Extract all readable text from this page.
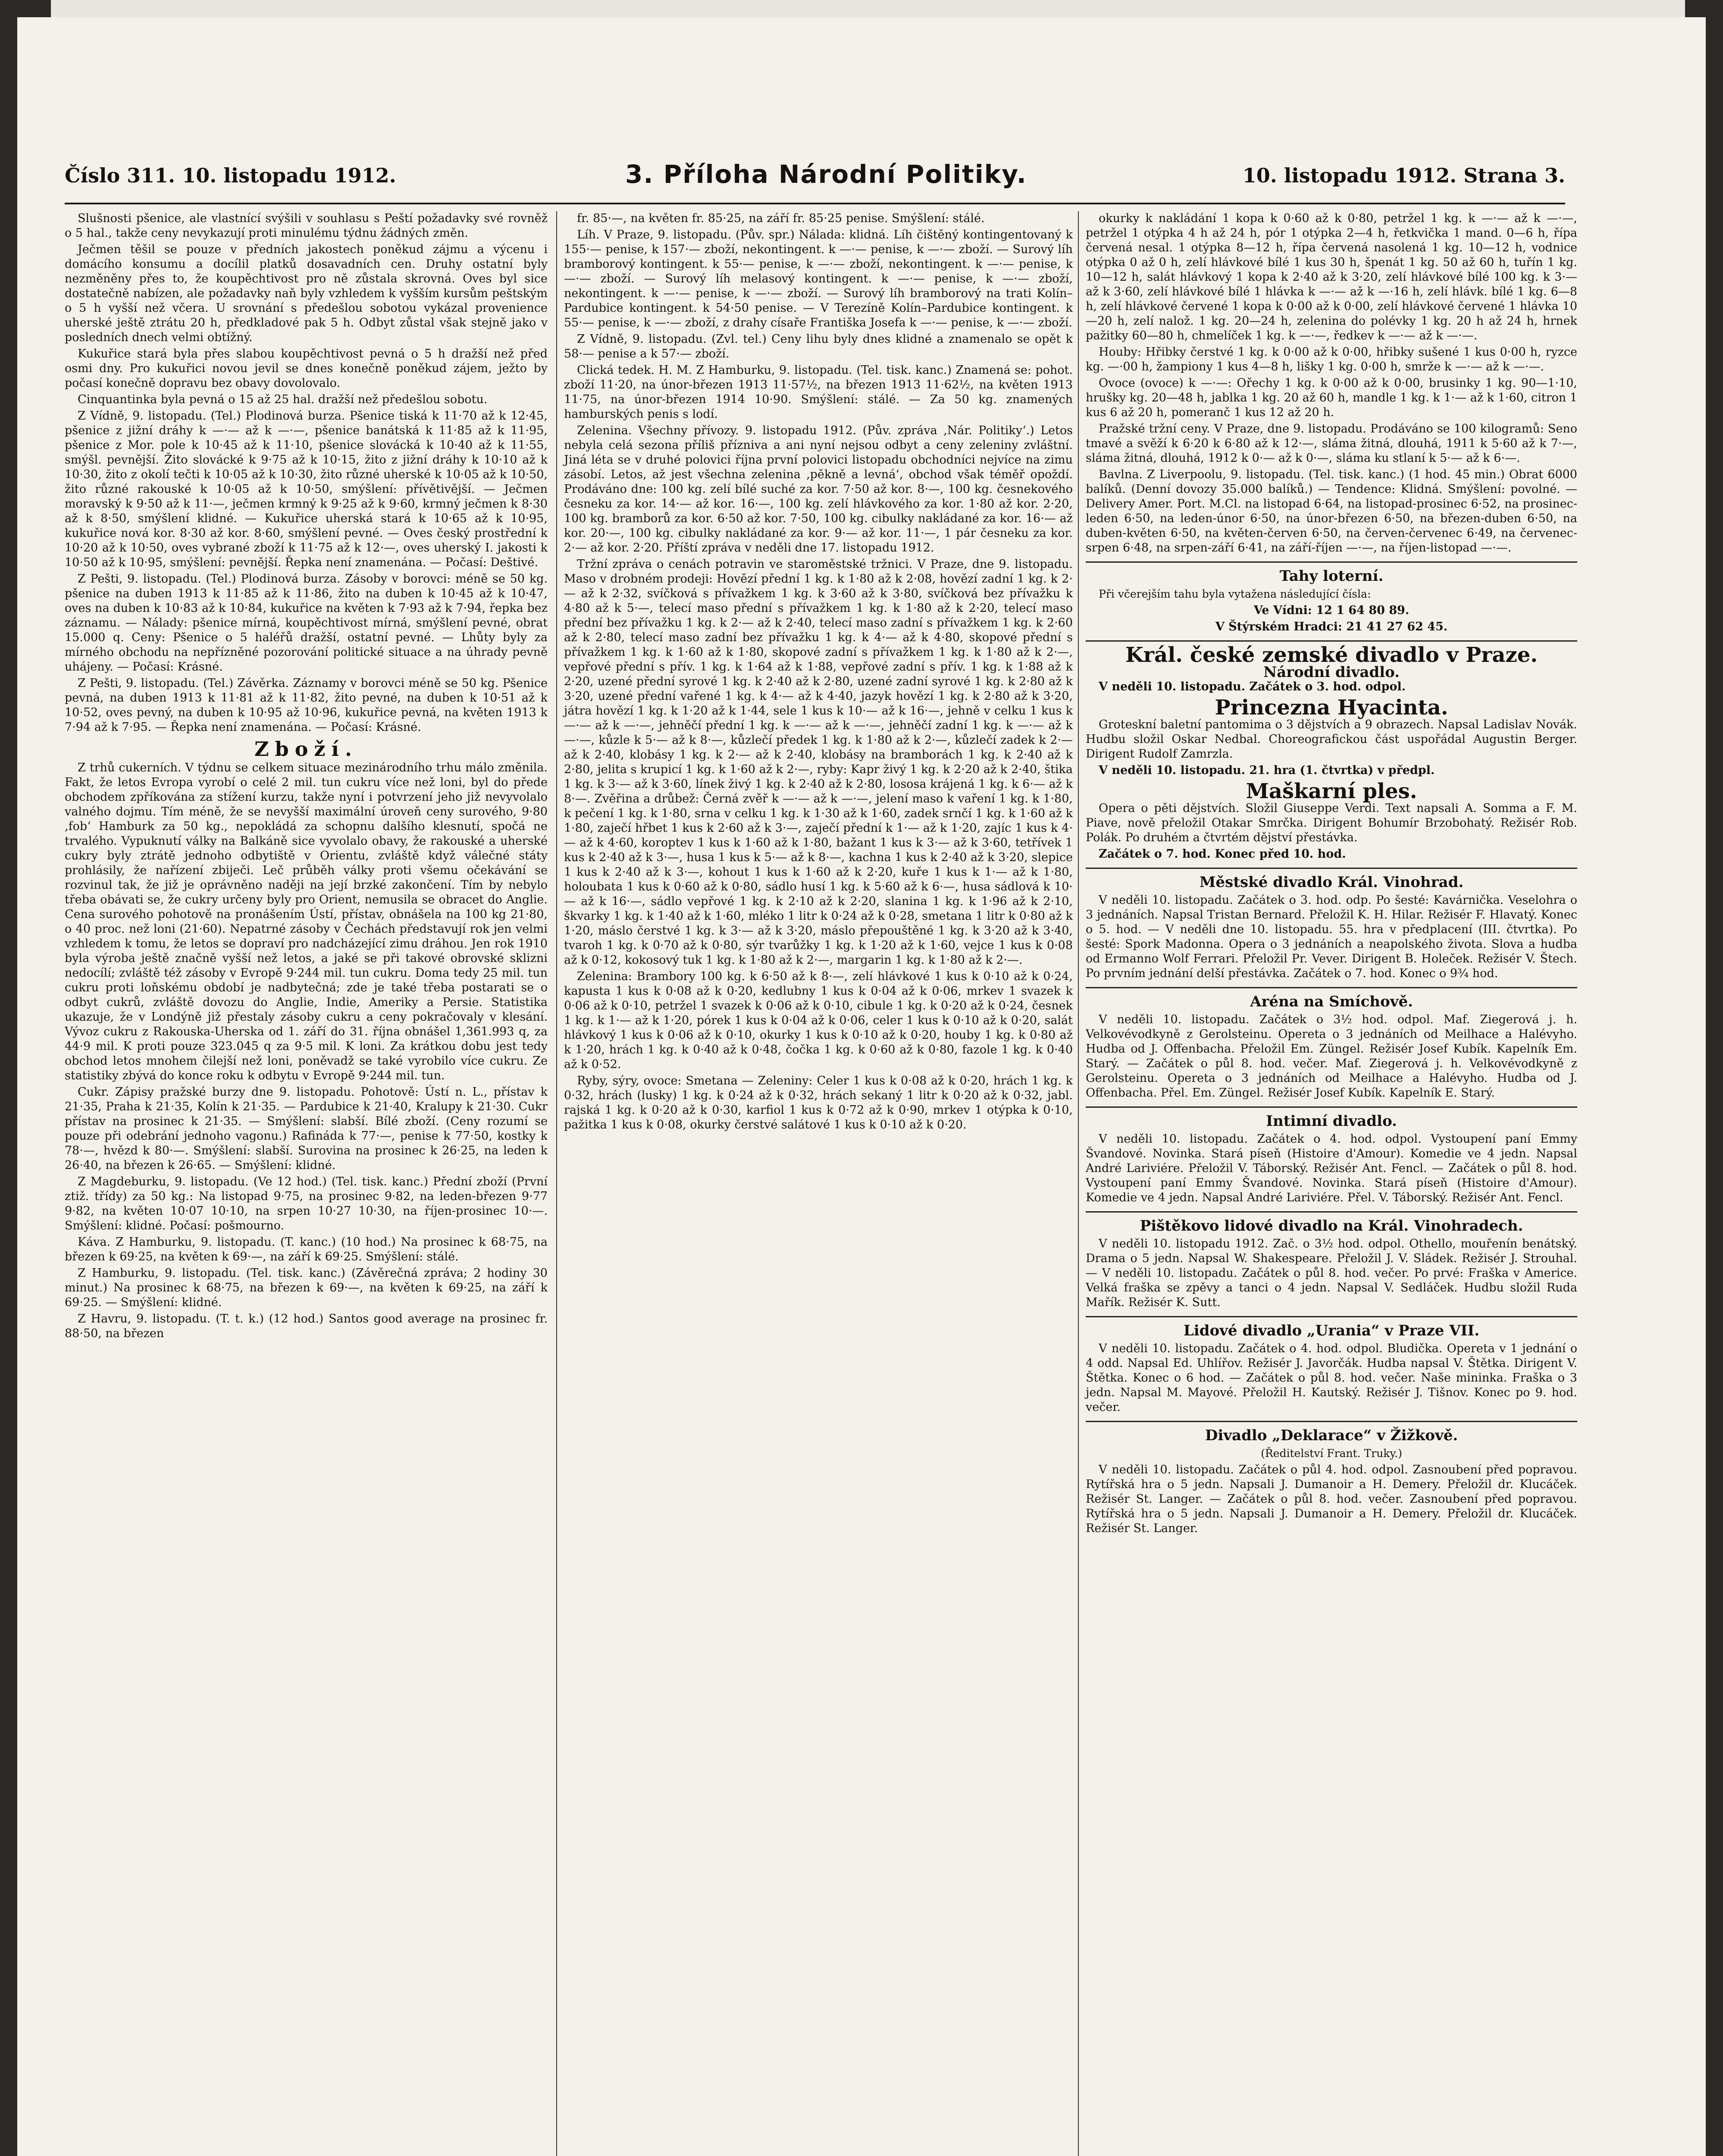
Číslo 311. 10. listopadu 1912.	3. Příloha Národní Politiky.	10. listopadu 1912. Strana 3.

Slušnosti pšenice, ale vlastnící svýšili v souhlasu s Peští požadavky své rovněž o 5 hal., takže ceny nevykazují proti minulému týdnu žádných změn.

Ječmen těšil se pouze v předních jakostech poněkud zájmu a výcenu i domácího konsumu a docílil platků dosavadních cen. Druhy ostatní byly nezměněny přes to, že koupěchtivost pro ně zůstala skrovná. Oves byl sice dostatečně nabízen, ale požadavky naň byly vzhledem k vyšším kursům peštským o 5 h vyšší než včera. U srovnání s předešlou sobotou vykázal provenience uherské ještě ztrátu 20 h, předkladové pak 5 h. Odbyt zůstal však stejně jako v posledních dnech velmi obtížný.

Kukuřice stará byla přes slabou koupěchtivost pevná o 5 h dražší než před osmi dny. Pro kukuřici novou jevil se dnes konečně poněkud zájem, ježto by počasí konečně dopravu bez obavy dovolovalo.

Cinquantinka byla pevná o 15 až 25 hal. dražší než předešlou sobotu.

Z Vídně, 9. listopadu. (Tel.) Plodinová burza. Pšenice tiská k 11·70 až k 12·45, pšenice z jižní dráhy k —·— až k —·—, pšenice banátská k 11·85 až k 11·95, pšenice z Mor. pole k 10·45 až k 11·10, pšenice slovácká k 10·40 až k 11·55, smýšl. pevnější. Žito slovácké k 9·75 až k 10·15, žito z jižní dráhy k 10·10 až k 10·30, žito z okolí tečti k 10·05 až k 10·30, žito různé uherské k 10·05 až k 10·50, žito různé rakouské k 10·05 až k 10·50, smýšlení: přívětivější. — Ječmen moravský k 9·50 až k 11·—, ječmen krmný k 9·25 až k 9·60, krmný ječmen k 8·30 až k 8·50, smýšlení klidné. — Kukuřice uherská stará k 10·65 až k 10·95, kukuřice nová kor. 8·30 až kor. 8·60, smýšlení pevné. — Oves český prostřední k 10·20 až k 10·50, oves vybrané zboží k 11·75 až k 12·—, oves uherský I. jakosti k 10·50 až k 10·95, smýšlení: pevnější. Řepka není znamenána. — Počasí: Deštivé.

Z Pešti, 9. listopadu. (Tel.) Plodinová burza. Zásoby v borovci: méně se 50 kg. pšenice na duben 1913 k 11·85 až k 11·86, žito na duben k 10·45 až k 10·47, oves na duben k 10·83 až k 10·84, kukuřice na květen k 7·93 až k 7·94, řepka bez záznamu. — Nálady: pšenice mírná, koupěchtivost mírná, smýšlení pevné, obrat 15.000 q. Ceny: Pšenice o 5 haléřů dražší, ostatní pevné. — Lhůty byly za mírného obchodu na nepřízněné pozorování politické situace a na úhrady pevně uhájeny. — Počasí: Krásné.

Z Pešti, 9. listopadu. (Tel.) Závěrka. Záznamy v borovci méně se 50 kg. Pšenice pevná, na duben 1913 k 11·81 až k 11·82, žito pevné, na duben k 10·51 až k 10·52, oves pevný, na duben k 10·95 až 10·96, kukuřice pevná, na květen 1913 k 7·94 až k 7·95. — Řepka není znamenána. — Počasí: Krásné.

Zboží.

Z trhů cukerních. V týdnu se celkem situace mezinárodního trhu málo změnila. Fakt, že letos Evropa vyrobí o celé 2 mil. tun cukru více než loni, byl do přede obchodem zpříkována za stížení kurzu, takže nyní i potvrzení jeho již nevyvolalo valného dojmu. Tím méně, že se nevyšší maximální úroveň ceny surového, 9·80 ‚fob‘ Hamburk za 50 kg., nepokládá za schopnu dalšího klesnutí, spočá ne trvalého. Vypuknutí války na Balkáně sice vyvolalo obavy, že rakouské a uherské cukry byly ztrátě jednoho odbytiště v Orientu, zvláště když válečné státy prohlásily, že nařízení zbiječi. Leč průběh války proti všemu očekávání se rozvinul tak, že již je oprávněno naději na její brzké zakončení. Tím by nebylo třeba obávati se, že cukry určeny byly pro Orient, nemusila se obracet do Anglie. Cena surového pohotově na pronášením Ústí, přístav, obnášela na 100 kg 21·80, o 40 proc. než loni (21·60). Nepatrné zásoby v Čechách představují rok jen velmi vzhledem k tomu, že letos se dopraví pro nadcházející zimu dráhou. Jen rok 1910 byla výroba ještě značně vyšší než letos, a jaké se při takové obrovské sklizni nedocílí; zvláště též zásoby v Evropě 9·244 mil. tun cukru. Doma tedy 25 mil. tun cukru proti loňskému období je nadbytečná; zde je také třeba postarati se o odbyt cukrů, zvláště dovozu do Anglie, Indie, Ameriky a Persie. Statistika ukazuje, že v Londýně již přestaly zásoby cukru a ceny pokračovaly v klesání. Vývoz cukru z Rakouska-Uherska od 1. září do 31. října obnášel 1,361.993 q, za 44·9 mil. K proti pouze 323.045 q za 9·5 mil. K loni. Za krátkou dobu jest tedy obchod letos mnohem čilejší než loni, poněvadž se také vyrobilo více cukru. Ze statistiky zbývá do konce roku k odbytu v Evropě 9·244 mil. tun.

Cukr. Zápisy pražské burzy dne 9. listopadu. Pohotově: Ústí n. L., přístav k 21·35, Praha k 21·35, Kolín k 21·35. — Pardubice k 21·40, Kralupy k 21·30. Cukr přístav na prosinec k 21·35. — Smýšlení: slabší. Bílé zboží. (Ceny rozumí se pouze při odebrání jednoho vagonu.) Rafináda k 77·—, penise k 77·50, kostky k 78·—, hvězd k 80·—. Smýšlení: slabší. Surovina na prosinec k 26·25, na leden k 26·40, na březen k 26·65. — Smýšlení: klidné.

Z Magdeburku, 9. listopadu. (Ve 12 hod.) (Tel. tisk. kanc.) Přední zboží (První ztiž. třídy) za 50 kg.: Na listopad 9·75, na prosinec 9·82, na leden-březen 9·77 9·82, na květen 10·07 10·10, na srpen 10·27 10·30, na říjen-prosinec 10·—. Smýšlení: klidné. Počasí: pošmourno.

Káva. Z Hamburku, 9. listopadu. (T. kanc.) (10 hod.) Na prosinec k 68·75, na březen k 69·25, na květen k 69·—, na září k 69·25. Smýšlení: stálé.

Z Hamburku, 9. listopadu. (Tel. tisk. kanc.) (Závěrečná zpráva; 2 hodiny 30 minut.) Na prosinec k 68·75, na březen k 69·—, na květen k 69·25, na září k 69·25. — Smýšlení: klidné.

Z Havru, 9. listopadu. (T. t. k.) (12 hod.) Santos good average na prosinec fr. 88·50, na březen

fr. 85·—, na květen fr. 85·25, na září fr. 85·25 penise. Smýšlení: stálé.

Líh. V Praze, 9. listopadu. (Pův. spr.) Nálada: klidná. Líh čištěný kontingentovaný k 155·— penise, k 157·— zboží, nekontingent. k —·— penise, k —·— zboží. — Surový líh bramborový kontingent. k 55·— penise, k —·— zboží, nekontingent. k —·— penise, k —·— zboží. — Surový líh melasový kontingent. k —·— penise, k —·— zboží, nekontingent. k —·— penise, k —·— zboží. — Surový líh bramborový na trati Kolín–Pardubice kontingent. k 54·50 penise. — V Terezíně Kolín–Pardubice kontingent. k 55·— penise, k —·— zboží, z drahy císaře Františka Josefa k —·— penise, k —·— zboží.

Z Vídně, 9. listopadu. (Zvl. tel.) Ceny lihu byly dnes klidné a znamenalo se opět k 58·— penise a k 57·— zboží.

Clická tedek. H. M. Z Hamburku, 9. listopadu. (Tel. tisk. kanc.) Znamená se: pohot. zboží 11·20, na únor-březen 1913 11·57½, na březen 1913 11·62½, na květen 1913 11·75, na únor-březen 1914 10·90. Smýšlení: stálé. — Za 50 kg. znamených hamburských penis s lodí.

Zelenina. Všechny přívozy. 9. listopadu 1912. (Pův. zpráva ‚Nár. Politiky‘.) Letos nebyla celá sezona příliš přízniva a ani nyní nejsou odbyt a ceny zeleniny zvláštní. Jiná léta se v druhé polovici října první polovici listopadu obchodníci nejvíce na zimu zásobí. Letos, až jest všechna zelenina ‚pěkně a levná‘, obchod však téměř opoždí. Prodáváno dne: 100 kg. zelí bílé suché za kor. 7·50 až kor. 8·—, 100 kg. česnekového česneku za kor. 14·— až kor. 16·—, 100 kg. zelí hlávkového za kor. 1·80 až kor. 2·20, 100 kg. bramborů za kor. 6·50 až kor. 7·50, 100 kg. cibulky nakládané za kor. 16·— až kor. 20·—, 100 kg. cibulky nakládané za kor. 9·— až kor. 11·—, 1 pár česneku za kor. 2·— až kor. 2·20. Příští zpráva v neděli dne 17. listopadu 1912.

Tržní zpráva o cenách potravin ve staroměstské tržnici. V Praze, dne 9. listopadu. Maso v drobném prodeji: Hovězí přední 1 kg. k 1·80 až k 2·08, hovězí zadní 1 kg. k 2·— až k 2·32, svíčková s přívažkem 1 kg. k 3·60 až k 3·80, svíčková bez přívažku k 4·80 až k 5·—, telecí maso přední s přívažkem 1 kg. k 1·80 až k 2·20, telecí maso přední bez přívažku 1 kg. k 2·— až k 2·40, telecí maso zadní s přívažkem 1 kg. k 2·60 až k 2·80, telecí maso zadní bez přívažku 1 kg. k 4·— až k 4·80, skopové přední s přívažkem 1 kg. k 1·60 až k 1·80, skopové zadní s přívažkem 1 kg. k 1·80 až k 2·—, vepřové přední s přív. 1 kg. k 1·64 až k 1·88, vepřové zadní s přív. 1 kg. k 1·88 až k 2·20, uzené přední syrové 1 kg. k 2·40 až k 2·80, uzené zadní syrové 1 kg. k 2·80 až k 3·20, uzené přední vařené 1 kg. k 4·— až k 4·40, jazyk hovězí 1 kg. k 2·80 až k 3·20, játra hovězí 1 kg. k 1·20 až k 1·44, sele 1 kus k 10·— až k 16·—, jehně v celku 1 kus k —·— až k —·—, jehněčí přední 1 kg. k —·— až k —·—, jehněčí zadní 1 kg. k —·— až k —·—, kůzle k 5·— až k 8·—, kůzlečí předek 1 kg. k 1·80 až k 2·—, kůzlečí zadek k 2·— až k 2·40, klobásy 1 kg. k 2·— až k 2·40, klobásy na bramborách 1 kg. k 2·40 až k 2·80, jelita s krupicí 1 kg. k 1·60 až k 2·—, ryby: Kapr živý 1 kg. k 2·20 až k 2·40, štika 1 kg. k 3·— až k 3·60, línek živý 1 kg. k 2·40 až k 2·80, lososa krájená 1 kg. k 6·— až k 8·—. Zvěřina a drůbež: Černá zvěř k —·— až k —·—, jelení maso k vaření 1 kg. k 1·80, k pečení 1 kg. k 1·80, srna v celku 1 kg. k 1·30 až k 1·60, zadek srnčí 1 kg. k 1·60 až k 1·80, zaječí hřbet 1 kus k 2·60 až k 3·—, zaječí přední k 1·— až k 1·20, zajíc 1 kus k 4·— až k 4·60, koroptev 1 kus k 1·60 až k 1·80, bažant 1 kus k 3·— až k 3·60, tetřívek 1 kus k 2·40 až k 3·—, husa 1 kus k 5·— až k 8·—, kachna 1 kus k 2·40 až k 3·20, slepice 1 kus k 2·40 až k 3·—, kohout 1 kus k 1·60 až k 2·20, kuře 1 kus k 1·— až k 1·80, holoubata 1 kus k 0·60 až k 0·80, sádlo husí 1 kg. k 5·60 až k 6·—, husa sádlová k 10·— až k 16·—, sádlo vepřové 1 kg. k 2·10 až k 2·20, slanina 1 kg. k 1·96 až k 2·10, škvarky 1 kg. k 1·40 až k 1·60, mléko 1 litr k 0·24 až k 0·28, smetana 1 litr k 0·80 až k 1·20, máslo čerstvé 1 kg. k 3·— až k 3·20, máslo přepouštěné 1 kg. k 3·20 až k 3·40, tvaroh 1 kg. k 0·70 až k 0·80, sýr tvarůžky 1 kg. k 1·20 až k 1·60, vejce 1 kus k 0·08 až k 0·12, kokosový tuk 1 kg. k 1·80 až k 2·—, margarin 1 kg. k 1·80 až k 2·—.

Zelenina: Brambory 100 kg. k 6·50 až k 8·—, zelí hlávkové 1 kus k 0·10 až k 0·24, kapusta 1 kus k 0·08 až k 0·20, kedlubny 1 kus k 0·04 až k 0·06, mrkev 1 svazek k 0·06 až k 0·10, petržel 1 svazek k 0·06 až k 0·10, cibule 1 kg. k 0·20 až k 0·24, česnek 1 kg. k 1·— až k 1·20, pórek 1 kus k 0·04 až k 0·06, celer 1 kus k 0·10 až k 0·20, salát hlávkový 1 kus k 0·06 až k 0·10, okurky 1 kus k 0·10 až k 0·20, houby 1 kg. k 0·80 až k 1·20, hrách 1 kg. k 0·40 až k 0·48, čočka 1 kg. k 0·60 až k 0·80, fazole 1 kg. k 0·40 až k 0·52.

Ryby, sýry, ovoce: Smetana — Zeleniny: Celer 1 kus k 0·08 až k 0·20, hrách 1 kg. k 0·32, hrách (lusky) 1 kg. k 0·24 až k 0·32, hrách sekaný 1 litr k 0·20 až k 0·32, jabl. rajská 1 kg. k 0·20 až k 0·30, karfiol 1 kus k 0·72 až k 0·90, mrkev 1 otýpka k 0·10, pažitka 1 kus k 0·08, okurky čerstvé salátové 1 kus k 0·10 až k 0·20.

okurky k nakládání 1 kopa k 0·60 až k 0·80, petržel 1 kg. k —·— až k —·—, petržel 1 otýpka 4 h až 24 h, pór 1 otýpka 2—4 h, řetkvička 1 mand. 0—6 h, řípa červená nesal. 1 otýpka 8—12 h, řípa červená nasolená 1 kg. 10—12 h, vodnice otýpka 0 až 0 h, zelí hlávkové bílé 1 kus 30 h, špenát 1 kg. 50 až 60 h, tuřín 1 kg. 10—12 h, salát hlávkový 1 kopa k 2·40 až k 3·20, zelí hlávkové bílé 100 kg. k 3·— až k 3·60, zelí hlávkové bílé 1 hlávka k —·— až k —·16 h, zelí hlávk. bílé 1 kg. 6—8 h, zelí hlávkové červené 1 kopa k 0·00 až k 0·00, zelí hlávkové červené 1 hlávka 10—20 h, zelí nalož. 1 kg. 20—24 h, zelenina do polévky 1 kg. 20 h až 24 h, hrnek pažitky 60—80 h, chmelíček 1 kg. k —·—, ředkev k —·— až k —·—.

Houby: Hřibky čerstvé 1 kg. k 0·00 až k 0·00, hřibky sušené 1 kus 0·00 h, ryzce kg. —·00 h, žampiony 1 kus 4—8 h, lišky 1 kg. 0·00 h, smrže k —·— až k —·—.

Ovoce (ovoce) k —·—: Ořechy 1 kg. k 0·00 až k 0·00, brusinky 1 kg. 90—1·10, hrušky kg. 20—48 h, jablka 1 kg. 20 až 60 h, mandle 1 kg. k 1·— až k 1·60, citron 1 kus 6 až 20 h, pomeranč 1 kus 12 až 20 h.

Pražské tržní ceny. V Praze, dne 9. listopadu. Prodáváno se 100 kilogramů: Seno tmavé a svěží k 6·20 k 6·80 až k 12·—, sláma žitná, dlouhá, 1911 k 5·60 až k 7·—, sláma žitná, dlouhá, 1912 k 0·— až k 0·—, sláma ku stlaní k 5·— až k 6·—.

Bavlna. Z Liverpoolu, 9. listopadu. (Tel. tisk. kanc.) (1 hod. 45 min.) Obrat 6000 balíků. (Denní dovozy 35.000 balíků.) — Tendence: Klidná. Smýšlení: povolné. — Delivery Amer. Port. M.Cl. na listopad 6·64, na listopad-prosinec 6·52, na prosinec-leden 6·50, na leden-únor 6·50, na únor-březen 6·50, na březen-duben 6·50, na duben-květen 6·50, na květen-červen 6·50, na červen-červenec 6·49, na červenec-srpen 6·48, na srpen-září 6·41, na září-říjen —·—, na říjen-listopad —·—.

Tahy loterní.

Při včerejším tahu byla vytažena následující čísla:

Ve Vídni: 12 1 64 80 89.

V Štýrském Hradci: 21 41 27 62 45.

Král. české zemské divadlo v Praze.
Národní divadlo.

V neděli 10. listopadu. Začátek o 3. hod. odpol.

Princezna Hyacinta.

Groteskní baletní pantomima o 3 dějstvích a 9 obrazech. Napsal Ladislav Novák. Hudbu složil Oskar Nedbal. Choreografickou část uspořádal Augustin Berger. Dirigent Rudolf Zamrzla.

V neděli 10. listopadu. 21. hra (1. čtvrtka) v předpl.

Maškarní ples.

Opera o pěti dějstvích. Složil Giuseppe Verdi. Text napsali A. Somma a F. M. Piave, nově přeložil Otakar Smrčka. Dirigent Bohumír Brzobohatý. Režisér Rob. Polák. Po druhém a čtvrtém dějství přestávka.

Začátek o 7. hod. Konec před 10. hod.

Městské divadlo Král. Vinohrad.

V neděli 10. listopadu. Začátek o 3. hod. odp. Po šesté: Kavárnička. Veselohra o 3 jednáních. Napsal Tristan Bernard. Přeložil K. H. Hilar. Režisér F. Hlavatý. Konec o 5. hod. — V neděli dne 10. listopadu. 55. hra v předplacení (III. čtvrtka). Po šesté: Spork Madonna. Opera o 3 jednáních a neapolského života. Slova a hudba od Ermanno Wolf Ferrari. Přeložil Pr. Vever. Dirigent B. Holeček. Režisér V. Štech. Po prvním jednání delší přestávka. Začátek o 7. hod. Konec o 9¾ hod.

Aréna na Smíchově.

V neděli 10. listopadu. Začátek o 3½ hod. odpol. Maf. Ziegerová j. h. Velkovévodkyně z Gerolsteinu. Opereta o 3 jednáních od Meilhace a Halévyho. Hudba od J. Offenbacha. Přeložil Em. Züngel. Režisér Josef Kubík. Kapelník Em. Starý. — Začátek o půl 8. hod. večer. Maf. Ziegerová j. h. Velkovévodkyně z Gerolsteinu. Opereta o 3 jednáních od Meilhace a Halévyho. Hudba od J. Offenbacha. Přel. Em. Züngel. Režisér Josef Kubík. Kapelník E. Starý.

Intimní divadlo.

V neděli 10. listopadu. Začátek o 4. hod. odpol. Vystoupení paní Emmy Švandové. Novinka. Stará píseň (Histoire d'Amour). Komedie ve 4 jedn. Napsal André Lariviére. Přeložil V. Táborský. Režisér Ant. Fencl. — Začátek o půl 8. hod. Vystoupení paní Emmy Švandové. Novinka. Stará píseň (Histoire d'Amour). Komedie ve 4 jedn. Napsal André Lariviére. Přel. V. Táborský. Režisér Ant. Fencl.

Pištěkovo lidové divadlo na Král. Vinohradech.

V neděli 10. listopadu 1912. Zač. o 3½ hod. odpol. Othello, mouřenín benátský. Drama o 5 jedn. Napsal W. Shakespeare. Přeložil J. V. Sládek. Režisér J. Strouhal. — V neděli 10. listopadu. Začátek o půl 8. hod. večer. Po prvé: Fraška v Americe. Velká fraška se zpěvy a tanci o 4 jedn. Napsal V. Sedláček. Hudbu složil Ruda Mařík. Režisér K. Sutt.

Lidové divadlo „Urania“ v Praze VII.

V neděli 10. listopadu. Začátek o 4. hod. odpol. Bludička. Opereta v 1 jednání o 4 odd. Napsal Ed. Uhlířov. Režisér J. Javorčák. Hudba napsal V. Štětka. Dirigent V. Štětka. Konec o 6 hod. — Začátek o půl 8. hod. večer. Naše mininka. Fraška o 3 jedn. Napsal M. Mayové. Přeložil H. Kautský. Režisér J. Tišnov. Konec po 9. hod. večer.

Divadlo „Deklarace“ v Žižkově.

(Ředitelství Frant. Truky.)

V neděli 10. listopadu. Začátek o půl 4. hod. odpol. Zasnoubení před popravou. Rytířská hra o 5 jedn. Napsali J. Dumanoir a H. Demery. Přeložil dr. Klucáček. Režisér St. Langer. — Začátek o půl 8. hod. večer. Zasnoubení před popravou. Rytířská hra o 5 jedn. Napsali J. Dumanoir a H. Demery. Přeložil dr. Klucáček. Režisér St. Langer.
